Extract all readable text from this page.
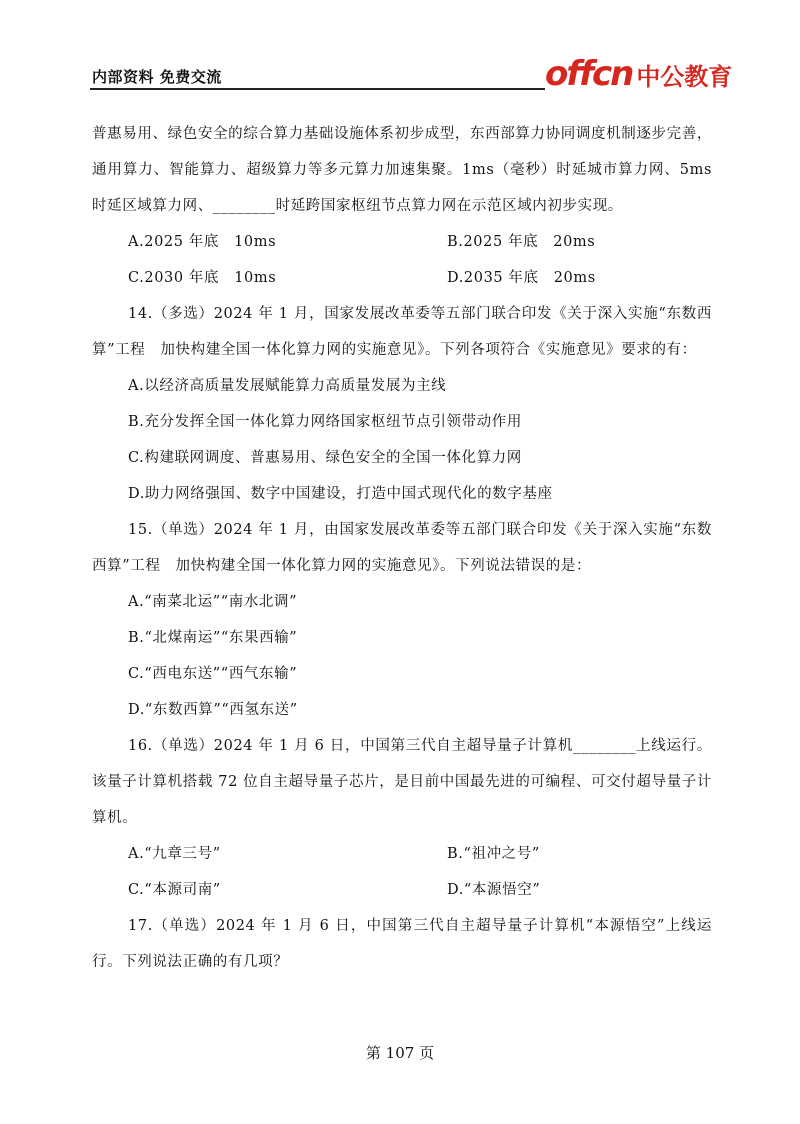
内部资料 免费交流	offcn 中公教育

普惠易用、绿色安全的综合算力基础设施体系初步成型，东西部算力协同调度机制逐步完善，通用算力、智能算力、超级算力等多元算力加速集聚。1ms（毫秒）时延城市算力网、5ms 时延区域算力网、________时延跨国家枢纽节点算力网在示范区域内初步实现。

A.2025 年底　10ms	B.2025 年底　20ms
C.2030 年底　10ms	D.2035 年底　20ms

14.（多选）2024 年 1 月，国家发展改革委等五部门联合印发《关于深入实施“东数西算”工程　加快构建全国一体化算力网的实施意见》。下列各项符合《实施意见》要求的有：

A.以经济高质量发展赋能算力高质量发展为主线

B.充分发挥全国一体化算力网络国家枢纽节点引领带动作用

C.构建联网调度、普惠易用、绿色安全的全国一体化算力网

D.助力网络强国、数字中国建设，打造中国式现代化的数字基座

15.（单选）2024 年 1 月，由国家发展改革委等五部门联合印发《关于深入实施“东数西算”工程　加快构建全国一体化算力网的实施意见》。下列说法错误的是：

A.“南菜北运”“南水北调”

B.“北煤南运”“东果西输”

C.“西电东送”“西气东输”

D.“东数西算”“西氢东送”

16.（单选）2024 年 1 月 6 日，中国第三代自主超导量子计算机________上线运行。该量子计算机搭载 72 位自主超导量子芯片，是目前中国最先进的可编程、可交付超导量子计算机。

A.“九章三号”	B.“祖冲之号”
C.“本源司南”	D.“本源悟空”

17.（单选）2024 年 1 月 6 日，中国第三代自主超导量子计算机“本源悟空”上线运行。下列说法正确的有几项？

第 107 页
